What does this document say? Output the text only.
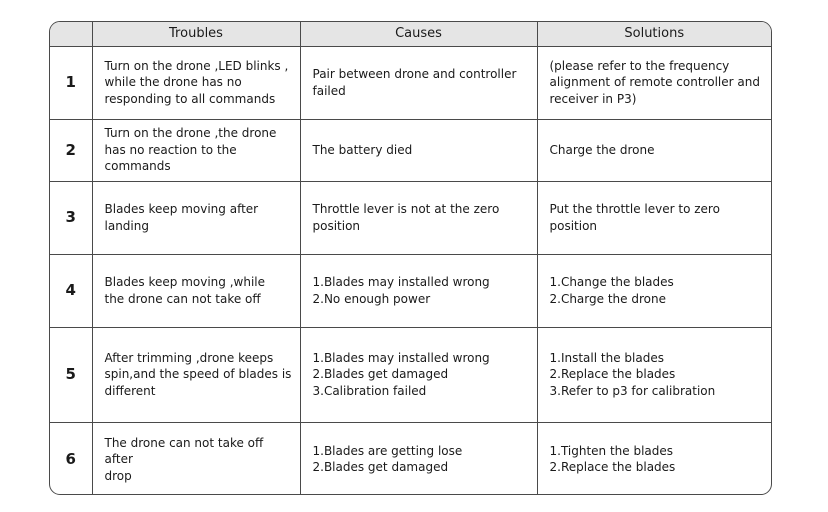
	Troubles	Causes	Solutions
1	Turn on the drone ,LED blinks ,
while the drone has no
responding to all commands	Pair between drone and controller
failed	(please refer to the frequency
alignment of remote controller and
receiver in P3)
2	Turn on the drone ,the drone
has no reaction to the
commands	The battery died	Charge the drone
3	Blades keep moving after
landing	Throttle lever is not at the zero
position	Put the throttle lever to zero
position
4	Blades keep moving ,while
the drone can not take off	1.Blades may installed wrong
2.No enough power	1.Change the blades
2.Charge the drone
5	After trimming ,drone keeps
spin,and the speed of blades is
different	1.Blades may installed wrong
2.Blades get damaged
3.Calibration failed	1.Install the blades
2.Replace the blades
3.Refer to p3 for calibration
6	The drone can not take off after
drop	1.Blades are getting lose
2.Blades get damaged	1.Tighten the blades
2.Replace the blades
